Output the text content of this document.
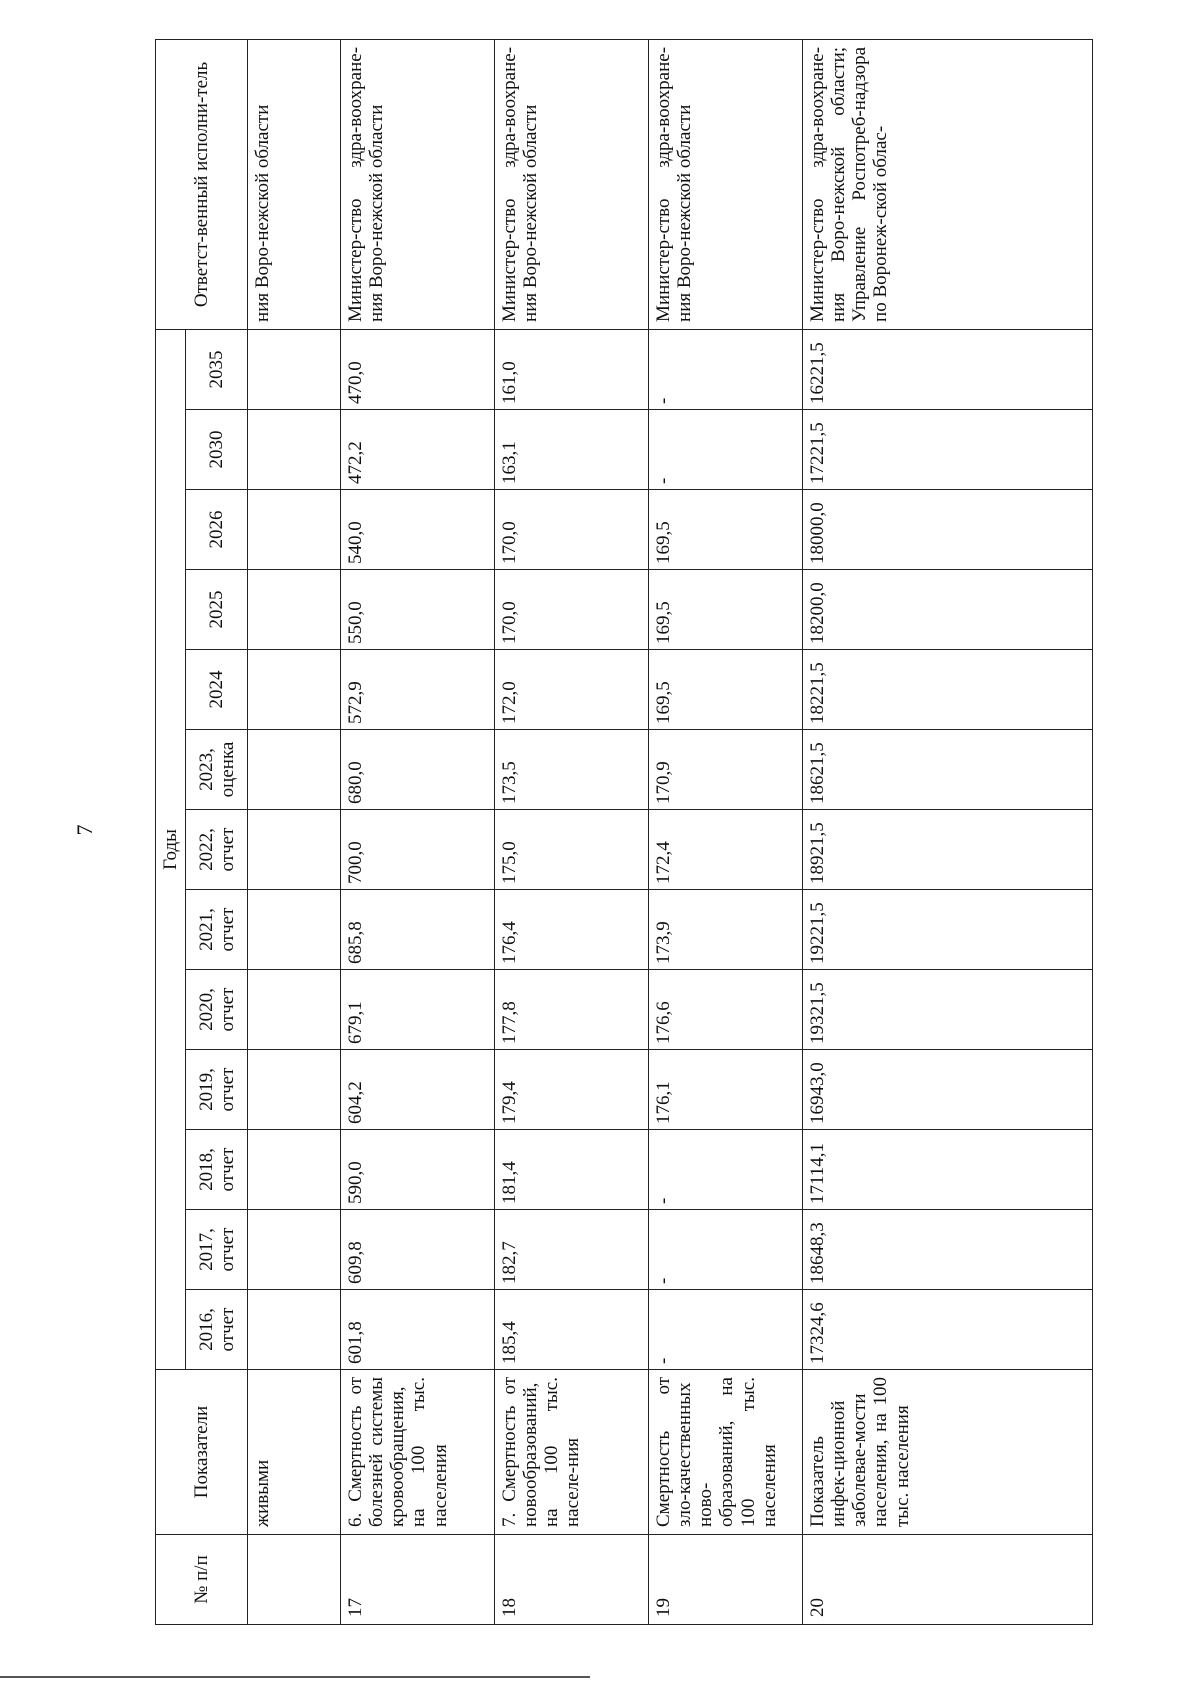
7
№ п/п	Показатели	Годы													Ответст-венный исполни-тель
		2016, отчет	2017, отчет	2018, отчет	2019, отчет	2020, отчет	2021, отчет	2022, отчет	2023, оценка	2024	2025	2026	2030	2035	
	живыми														ния Воро-нежской области
17	6. Смертность от болезней системы кровообращения, на 100 тыс. населения	601,8	609,8	590,0	604,2	679,1	685,8	700,0	680,0	572,9	550,0	540,0	472,2	470,0	Министер-ство здра-воохране-ния Воро-нежской области
18	7. Смертность от новообразований, на 100 тыс. населе-ния	185,4	182,7	181,4	179,4	177,8	176,4	175,0	173,5	172,0	170,0	170,0	163,1	161,0	Министер-ство здра-воохране-ния Воро-нежской области
19	Смертность от зло-качественных ново-образований, на 100 тыс. населения	-	-	-	176,1	176,6	173,9	172,4	170,9	169,5	169,5	169,5	-	-	Министер-ство здра-воохране-ния Воро-нежской области
20	Показатель инфек-ционной заболевае-мости населения, на 100 тыс. населения	17324,6	18648,3	17114,1	16943,0	19321,5	19221,5	18921,5	18621,5	18221,5	18200,0	18000,0	17221,5	16221,5	Министер-ство здра-воохране-ния Воро-нежской области; Управление Роспотреб-надзора по Воронеж-ской облас-
